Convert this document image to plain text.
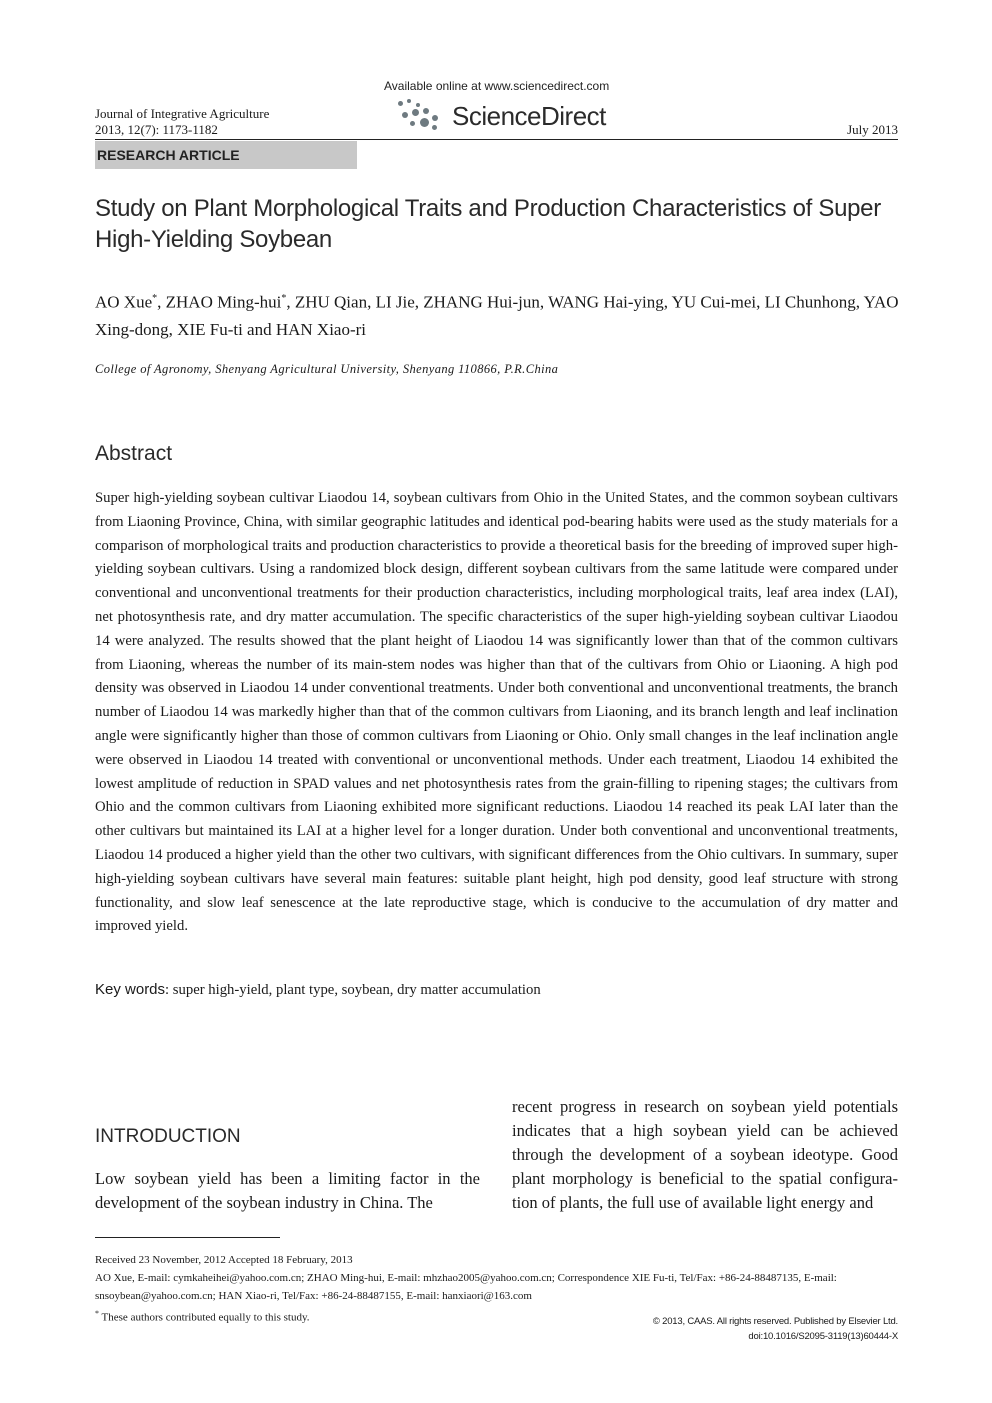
Journal of Integrative Agriculture
2013, 12(7): 1173-1182
Available online at www.sciencedirect.com
ScienceDirect	July 2013
RESEARCH ARTICLE
Study on Plant Morphological Traits and Production Characteristics of Super High-Yielding Soybean
AO Xue*, ZHAO Ming-hui*, ZHU Qian, LI Jie, ZHANG Hui-jun, WANG Hai-ying, YU Cui-mei, LI Chunhong, YAO Xing-dong, XIE Fu-ti and HAN Xiao-ri
College of Agronomy, Shenyang Agricultural University, Shenyang 110866, P.R.China
Abstract
Super high-yielding soybean cultivar Liaodou 14, soybean cultivars from Ohio in the United States, and the common soybean cultivars from Liaoning Province, China, with similar geographic latitudes and identical pod-bearing habits were used as the study materials for a comparison of morphological traits and production characteristics to provide a theoretical basis for the breeding of improved super high-yielding soybean cultivars. Using a randomized block design, different soybean cultivars from the same latitude were compared under conventional and unconventional treatments for their production characteristics, including morphological traits, leaf area index (LAI), net photosynthesis rate, and dry matter accumulation. The specific characteristics of the super high-yielding soybean cultivar Liaodou 14 were analyzed. The results showed that the plant height of Liaodou 14 was significantly lower than that of the common cultivars from Liaoning, whereas the number of its main-stem nodes was higher than that of the cultivars from Ohio or Liaoning. A high pod density was observed in Liaodou 14 under conventional treatments. Under both conventional and unconventional treatments, the branch number of Liaodou 14 was markedly higher than that of the common cultivars from Liaoning, and its branch length and leaf inclination angle were significantly higher than those of common cultivars from Liaoning or Ohio. Only small changes in the leaf inclination angle were observed in Liaodou 14 treated with conventional or unconventional methods. Under each treatment, Liaodou 14 exhibited the lowest amplitude of reduction in SPAD values and net photosynthesis rates from the grain-filling to ripening stages; the cultivars from Ohio and the common cultivars from Liaoning exhibited more significant reductions. Liaodou 14 reached its peak LAI later than the other cultivars but maintained its LAI at a higher level for a longer duration. Under both conventional and unconventional treatments, Liaodou 14 produced a higher yield than the other two cultivars, with significant differences from the Ohio cultivars. In summary, super high-yielding soybean cultivars have several main features: suitable plant height, high pod density, good leaf structure with strong functionality, and slow leaf senescence at the late reproductive stage, which is conducive to the accumulation of dry matter and improved yield.
Key words: super high-yield, plant type, soybean, dry matter accumulation
INTRODUCTION
Low soybean yield has been a limiting factor in the development of the soybean industry in China. The
recent progress in research on soybean yield potentials indicates that a high soybean yield can be achieved through the development of a soybean ideotype. Good plant morphology is beneficial to the spatial configura-tion of plants, the full use of available light energy and
Received 23 November, 2012 Accepted 18 February, 2013
AO Xue, E-mail: cymkaheihei@yahoo.com.cn; ZHAO Ming-hui, E-mail: mhzhao2005@yahoo.com.cn; Correspondence XIE Fu-ti, Tel/Fax: +86-24-88487135, E-mail: snsoybean@yahoo.com.cn; HAN Xiao-ri, Tel/Fax: +86-24-88487155, E-mail: hanxiaori@163.com
* These authors contributed equally to this study.	© 2013, CAAS. All rights reserved. Published by Elsevier Ltd.
doi:10.1016/S2095-3119(13)60444-X
